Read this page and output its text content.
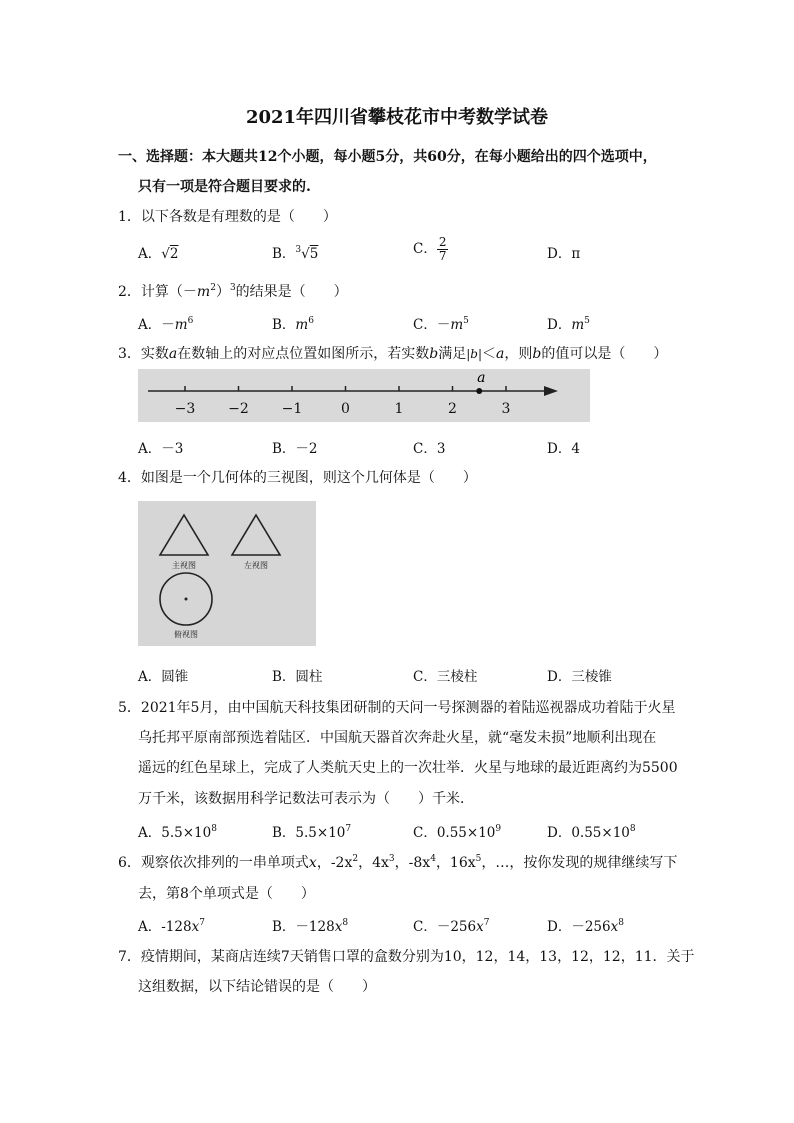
2021年四川省攀枝花市中考数学试卷
一、选择题：本大题共12个小题，每小题5分，共60分，在每小题给出的四个选项中，
只有一项是符合题目要求的.
1．以下各数是有理数的是（　　）
A．√2	B．$^3$√5	C． $\frac{2}{7}$	D．π
2．计算$(-m^2)^3$的结果是（　　）
A．$-m^6$	B．$m^6$	C．$-m^5$	D．$m^5$
3．实数a在数轴上的对应点位置如图所示，若实数b满足|b|＜a，则b的值可以是（　　）
−3 −2 −1	0	1	2	3
a
A．－3	B．－2	C．3	D．4
4．如图是一个几何体的三视图，则这个几何体是（　　）
主视图	左视图
俯视图
A．圆锥	B．圆柱	C．三棱柱	D．三棱锥
5．2021年5月，由中国航天科技集团研制的天问一号探测器的着陆巡视器成功着陆于火星
乌托邦平原南部预选着陆区．中国航天器首次奔赴火星，就“毫发未损”地顺利出现在
遥远的红色星球上，完成了人类航天史上的一次壮举．火星与地球的最近距离约为5500
万千米，该数据用科学记数法可表示为（　　）千米．
A．$5.5\times 10^8$	B．$5.5\times 10^7$	C．$0.55\times 10^9$	D．$0.55\times 10^8$
6．观察依次排列的一串单项式x，$-2x^2$，$4x^3$，$-8x^4$，$16x^5$，…，按你发现的规律继续写下
去，第8个单项式是（　　）
A．$-128x^7$	B．$-128x^8$	C．$-256x^7$	D．$-256x^8$
7．疫情期间，某商店连续7天销售口罩的盒数分别为10，12，14，13，12，12，11．关于
这组数据，以下结论错误的是（　　）
